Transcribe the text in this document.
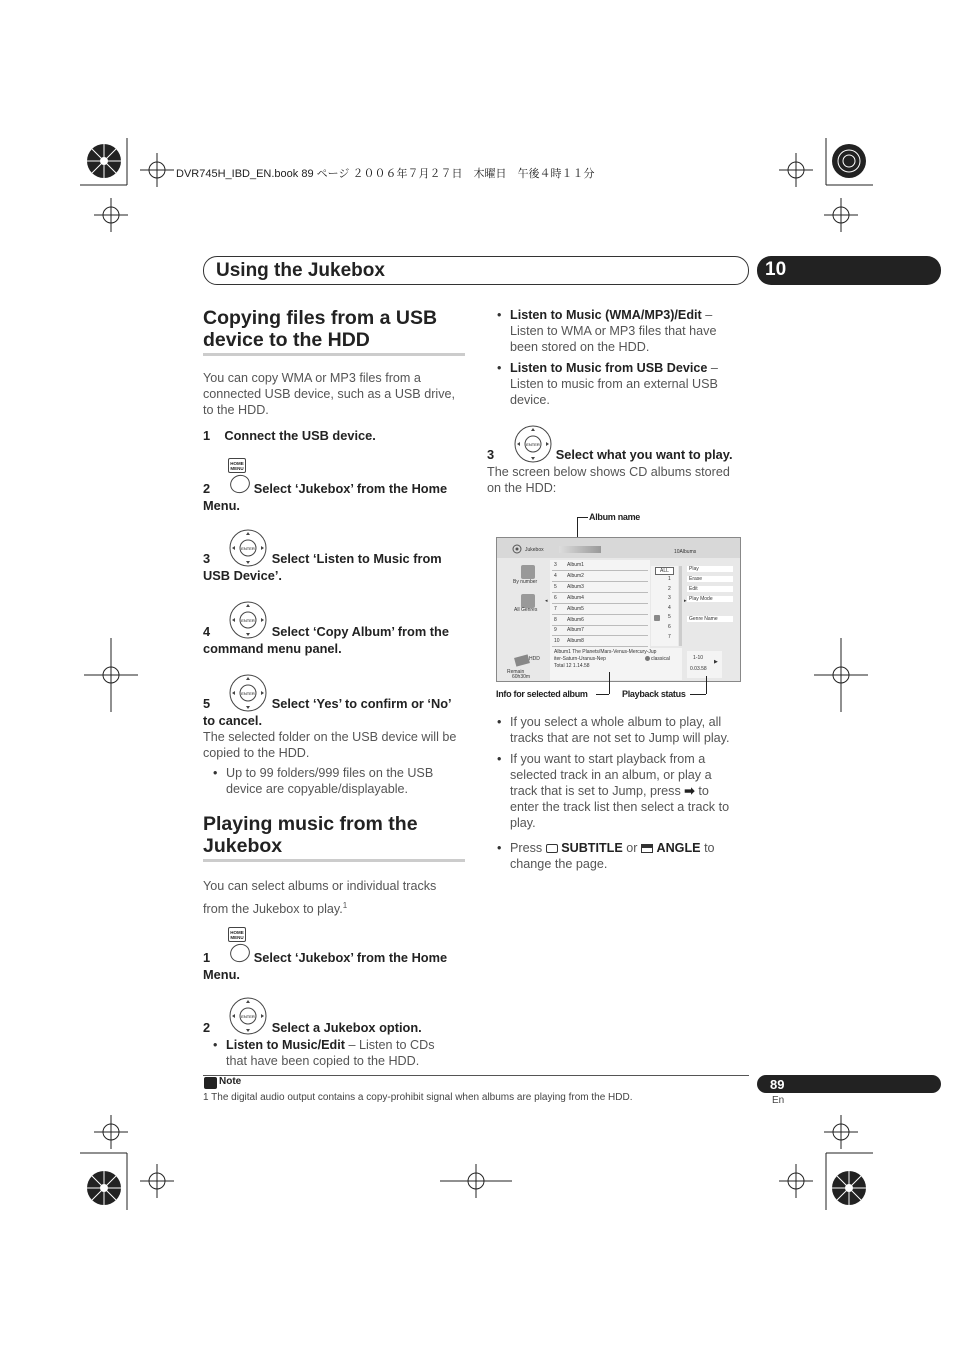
DVR745H_IBD_EN.book 89 ページ ２００６年７月２７日　木曜日　午後４時１１分
Using the Jukebox	10
Copying files from a USB
device to the HDD
You can copy WMA or MP3 files from a
connected USB device, such as a USB drive,
to the HDD.
1    Connect the USB device.
HOME
MENU
2	Select ‘Jukebox’ from the Home
Menu.
ENTER
3	Select ‘Listen to Music from
USB Device’.
ENTER
4	Select ‘Copy Album’ from the
command menu panel.
ENTER
5	Select ‘Yes’ to confirm or ‘No’
to cancel.
The selected folder on the USB device will be
copied to the HDD.
• Up to 99 folders/999 files on the USB
device are copyable/displayable.
Playing music from the
Jukebox
You can select albums or individual tracks
from the Jukebox to play.$^1$
HOME
MENU
1	Select ‘Jukebox’ from the Home
Menu.
ENTER
2	Select a Jukebox option.
• Listen to Music/Edit – Listen to CDs
that have been copied to the HDD.
• Listen to Music (WMA/MP3)/Edit –
Listen to WMA or MP3 files that have
been stored on the HDD.
• Listen to Music from USB Device –
Listen to music from an external USB
device.
ENTER
3	Select what you want to play.
The screen below shows CD albums stored
on the HDD:
Album name
Jukebox	10Albums
By number
All Genres
◂
ALL
▸
HDD
Remain
60h30m
Album1 The Planets/Mars-Venus-Mercury-Jup
iter-Saturn-Uranus-Nep
Total 12 1.14.58
classical	1-10
▶
0.03.58
3 Album1
4 Album2
5 Album3
6 Album4
7 Album5
8 Album6
9 Album7
10 Album8
1
2
3
4
5
6
7
Play
Erase
Edit
Play Mode
Genre Name
Info for selected album	Playback status
• If you select a whole album to play, all
tracks that are not set to Jump will play.
• If you want to start playback from a
selected track in an album, or play a
track that is set to Jump, press ➡ to
enter the track list then select a track to
play.
• Press SUBTITLE or ANGLE to
change the page.
Note
1 The digital audio output contains a copy-prohibit signal when albums are playing from the HDD.
89
En
